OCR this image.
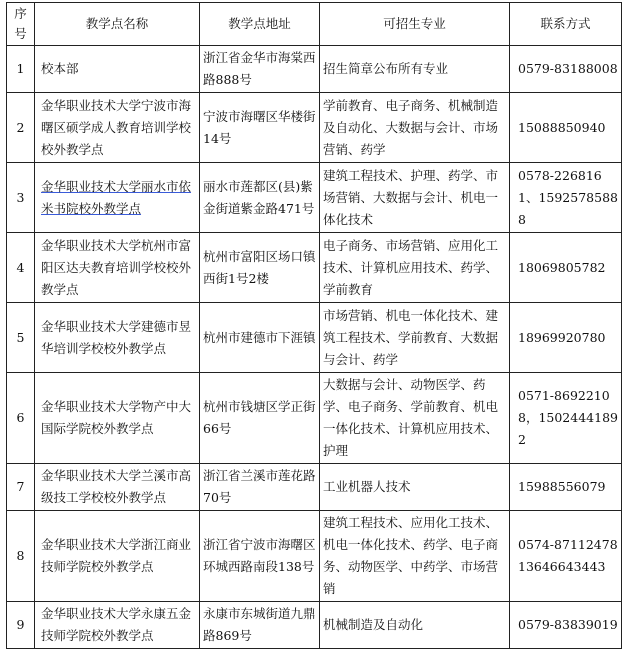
序号	教学点名称	教学点地址	可招生专业	联系方式
1	校本部	浙江省金华市海棠西路888号	招生简章公布所有专业	0579-83188008
2	金华职业技术大学宁波市海曙区硕学成人教育培训学校校外教学点	宁波市海曙区华楼街14号	学前教育、电子商务、机械制造及自动化、大数据与会计、市场营销、药学	15088850940
3	金华职业技术大学丽水市依米书院校外教学点	丽水市莲都区(县)紫金街道紫金路471号	建筑工程技术、护理、药学、市场营销、大数据与会计、机电一体化技术	0578-2268161、15925785888
4	金华职业技术大学杭州市富阳区达夫教育培训学校校外教学点	杭州市富阳区场口镇西街1号2楼	电子商务、市场营销、应用化工技术、计算机应用技术、药学、学前教育	18069805782
5	金华职业技术大学建德市昱华培训学校校外教学点	杭州市建德市下涯镇	市场营销、机电一体化技术、建筑工程技术、学前教育、大数据与会计、药学	18969920780
6	金华职业技术大学物产中大国际学院校外教学点	杭州市钱塘区学正街66号	大数据与会计、动物医学、药学、电子商务、学前教育、机电一体化技术、计算机应用技术、护理	0571-86922108，15024441892
7	金华职业技术大学兰溪市高级技工学校校外教学点	浙江省兰溪市莲花路70号	工业机器人技术	15988556079
8	金华职业技术大学浙江商业技师学院校外教学点	浙江省宁波市海曙区环城西路南段138号	建筑工程技术、应用化工技术、机电一体化技术、药学、电子商务、动物医学、中药学、市场营销	0574-87112478 13646643443
9	金华职业技术大学永康五金技师学院校外教学点	永康市东城街道九鼎路869号	机械制造及自动化	0579-83839019
